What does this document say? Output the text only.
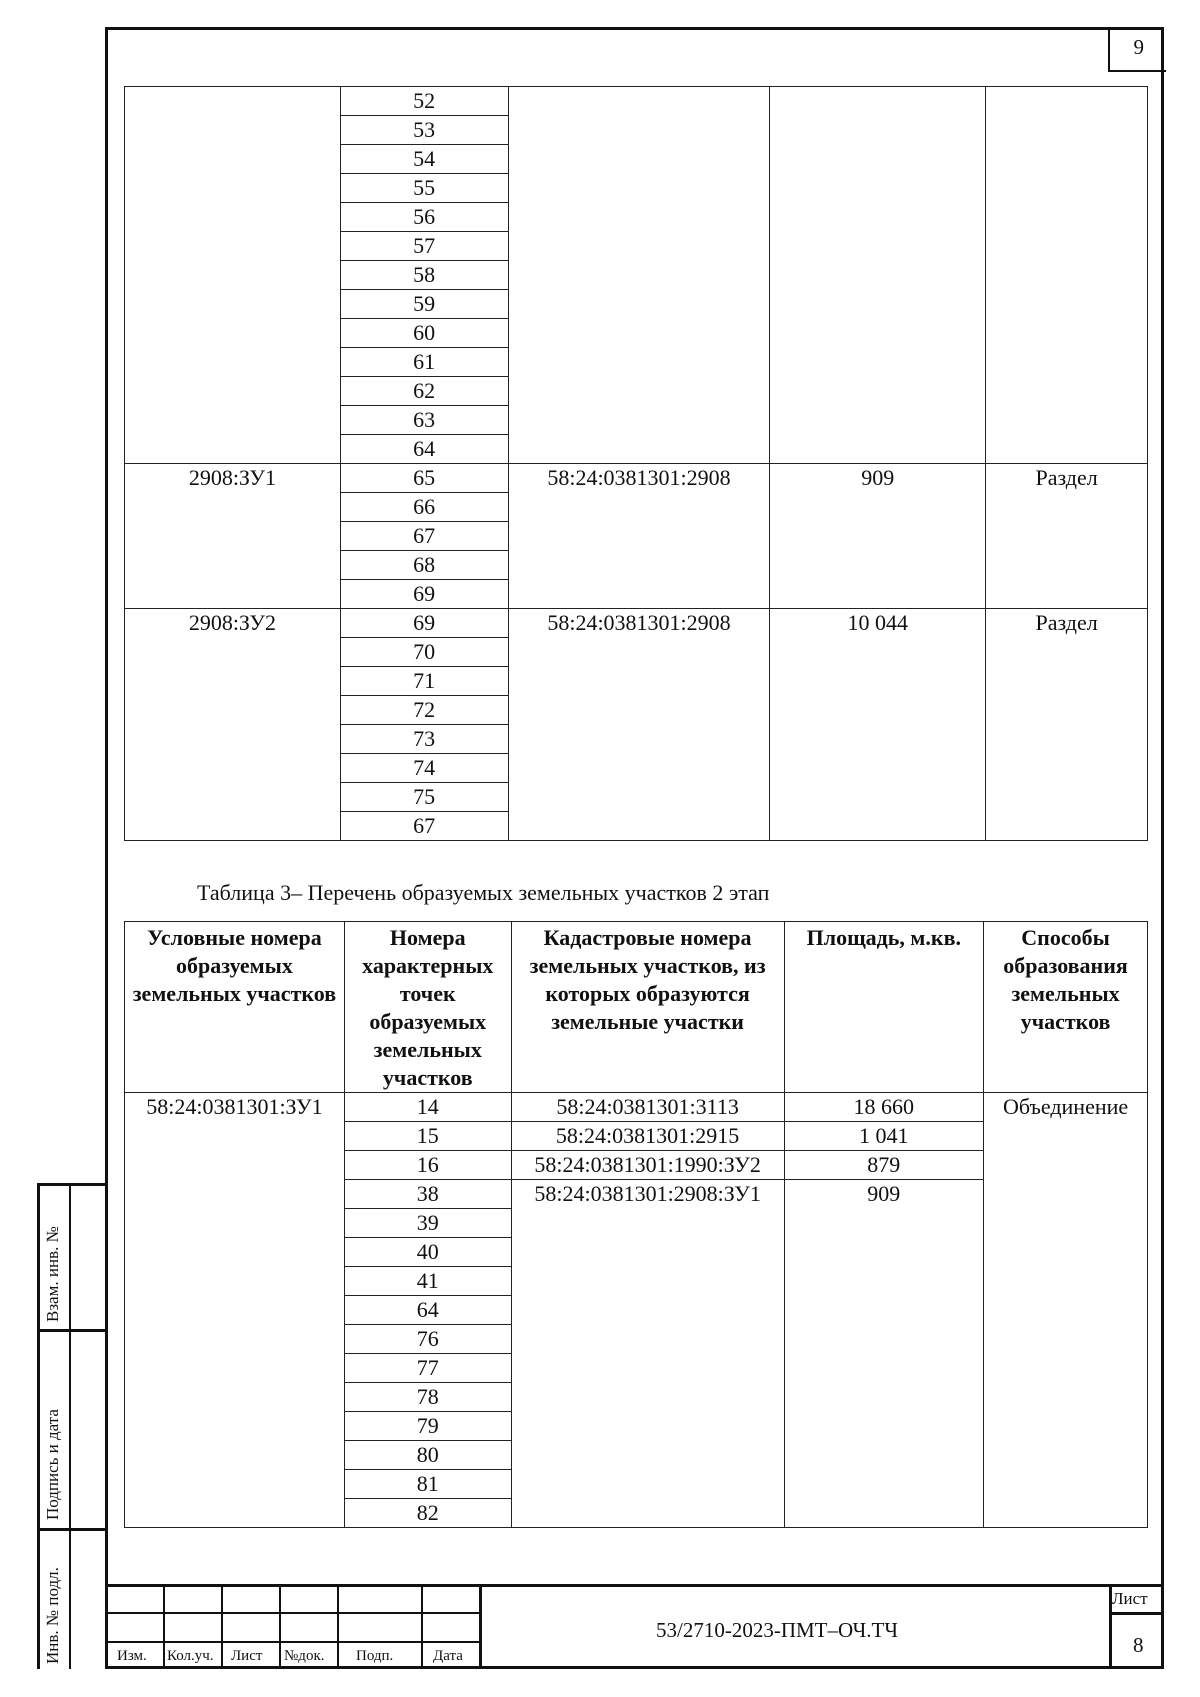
9
Взам. инв. №
Подпись и дата
Инв. № подл.
	52			
	53			
	54			
	55			
	56			
	57			
	58			
	59			
	60			
	61			
	62			
	63			
	64			
2908:ЗУ1	65	58:24:0381301:2908	909	Раздел
	66			
	67			
	68			
	69			
2908:ЗУ2	69	58:24:0381301:2908	10 044	Раздел
	70			
	71			
	72			
	73			
	74			
	75			
	67			
Таблица 3– Перечень образуемых земельных участков 2 этап
Условные номера образуемых земельных участков	Номера характерных точек образуемых земельных участков	Кадастровые номера земельных участков, из которых образуются земельные участки	Площадь, м.кв.	Способы образования земельных участков
58:24:0381301:ЗУ1	14	58:24:0381301:3113	18 660	Объединение
	15	58:24:0381301:2915	1 041	
	16	58:24:0381301:1990:ЗУ2	879	
	38	58:24:0381301:2908:ЗУ1	909	
	39			
	40			
	41			
	64			
	76			
	77			
	78			
	79			
	80			
	81			
	82			
Изм. Кол.уч. Лист №док. Подп.	Дата
53/2710-2023-ПМТ–ОЧ.ТЧ
Лист
8
